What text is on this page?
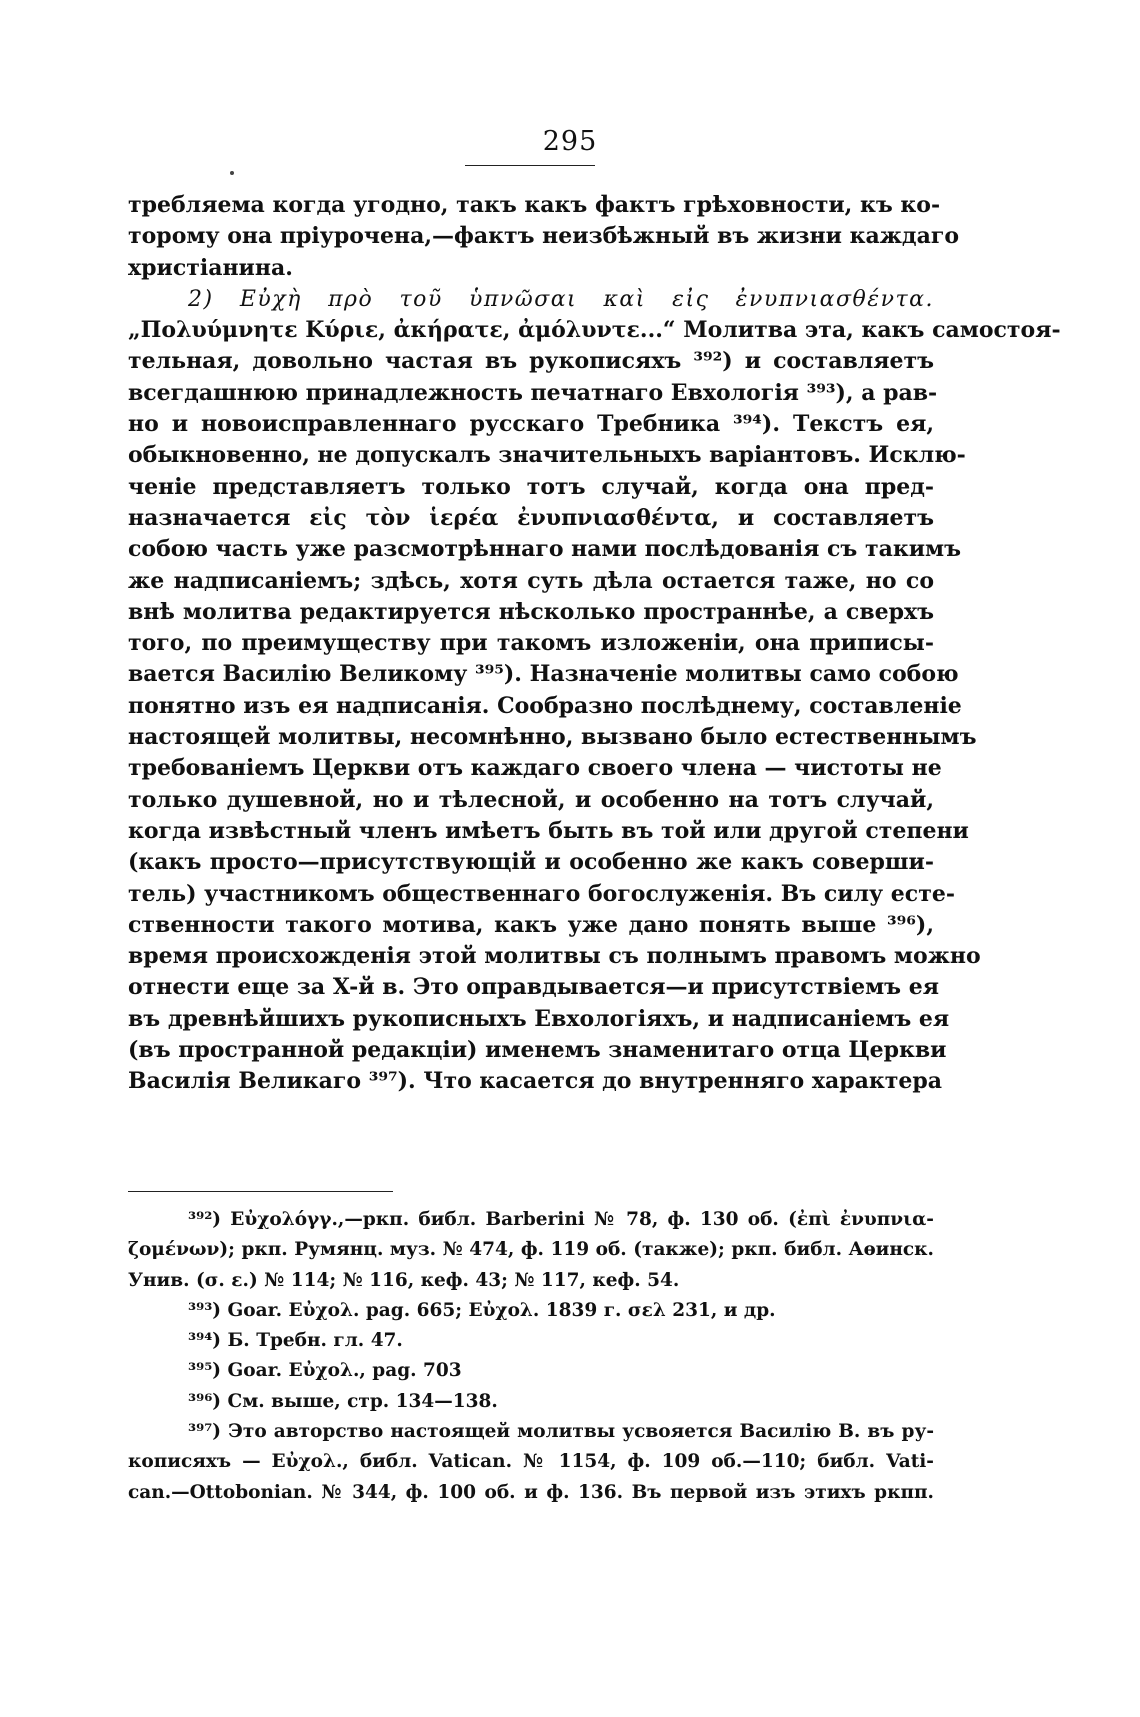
295
требляема когда угодно, такъ какъ фактъ грѣховности, къ ко-
торому она пріурочена,—фактъ неизбѣжный въ жизни каждаго
христіанина.
2) Εὐχὴ πρὸ τοῦ ὑπνῶσαι καὶ εἰς ἐνυπνιασθέντα.
„Πολυύμνητε Κύριε, ἀκήρατε, ἀμόλυντε...“ Молитва эта, какъ самостоя-
тельная, довольно частая въ рукописяхъ ³⁹²) и составляетъ
всегдашнюю принадлежность печатнаго Евхологія ³⁹³), а рав-
но и новоисправленнаго русскаго Требника ³⁹⁴). Текстъ ея,
обыкновенно, не допускалъ значительныхъ варіантовъ. Исклю-
ченіе представляетъ только тотъ случай, когда она пред-
назначается εἰς τὸν ἱερέα ἐνυπνιασθέντα, и составляетъ
собою часть уже разсмотрѣннаго нами послѣдованія съ такимъ
же надписаніемъ; здѣсь, хотя суть дѣла остается таже, но со
внѣ молитва редактируется нѣсколько пространнѣе, а сверхъ
того, по преимуществу при такомъ изложеніи, она приписы-
вается Василію Великому ³⁹⁵). Назначеніе молитвы само собою
понятно изъ ея надписанія. Сообразно послѣднему, составленіе
настоящей молитвы, несомнѣнно, вызвано было естественнымъ
требованіемъ Церкви отъ каждаго своего члена — чистоты не
только душевной, но и тѣлесной, и особенно на тотъ случай,
когда извѣстный членъ имѣетъ быть въ той или другой степени
(какъ просто—присутствующій и особенно же какъ соверши-
тель) участникомъ общественнаго богослуженія. Въ силу есте-
ственности такого мотива, какъ уже дано понять выше ³⁹⁶),
время происхожденія этой молитвы съ полнымъ правомъ можно
отнести еще за X-й в. Это оправдывается—и присутствіемъ ея
въ древнѣйшихъ рукописныхъ Евхологіяхъ, и надписаніемъ ея
(въ пространной редакціи) именемъ знаменитаго отца Церкви
Василія Великаго ³⁹⁷). Что касается до внутренняго характера
³⁹²) Εὐχολόγγ.,—ркп. библ. Barberini № 78, ф. 130 об. (ἐπὶ ἐνυπνια-
ζομένων); ркп. Румянц. муз. № 474, ф. 119 об. (также); ркп. библ. Аѳинск.
Унив. (σ. ε.) № 114; № 116, кеф. 43; № 117, кеф. 54.
³⁹³) Goar. Εὐχολ. pag. 665; Εὐχολ. 1839 г. σελ 231, и др.
³⁹⁴) Б. Требн. гл. 47.
³⁹⁵) Goar. Εὐχολ., pag. 703
³⁹⁶) См. выше, стр. 134—138.
³⁹⁷) Это авторство настоящей молитвы усвояется Василію В. въ ру-
кописяхъ — Εὐχολ., библ. Vatican. № 1154, ф. 109 об.—110; библ. Vati-
can.—Ottobonian. № 344, ф. 100 об. и ф. 136. Въ первой изъ этихъ ркпп.
